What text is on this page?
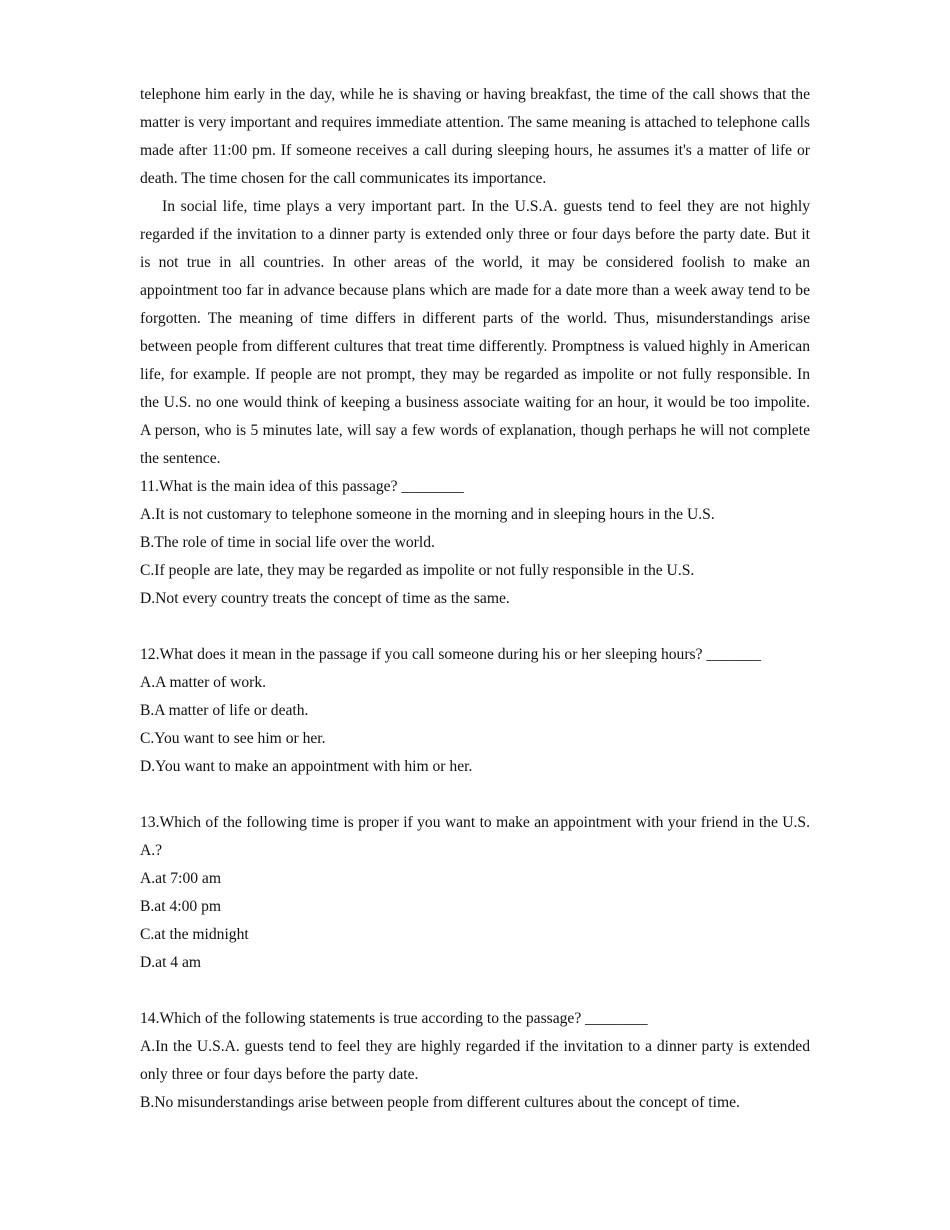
telephone him early in the day, while he is shaving or having breakfast, the time of the call shows that the matter is very important and requires immediate attention. The same meaning is attached to telephone calls made after 11:00 pm. If someone receives a call during sleeping hours, he assumes it's a matter of life or death. The time chosen for the call communicates its importance.

In social life, time plays a very important part. In the U.S.A. guests tend to feel they are not highly regarded if the invitation to a dinner party is extended only three or four days before the party date. But it is not true in all countries. In other areas of the world, it may be considered foolish to make an appointment too far in advance because plans which are made for a date more than a week away tend to be forgotten. The meaning of time differs in different parts of the world. Thus, misunderstandings arise between people from different cultures that treat time differently. Promptness is valued highly in American life, for example. If people are not prompt, they may be regarded as impolite or not fully responsible. In the U.S. no one would think of keeping a business associate waiting for an hour, it would be too impolite. A person, who is 5 minutes late, will say a few words of explanation, though perhaps he will not complete the sentence.

11.What is the main idea of this passage? ________

A.It is not customary to telephone someone in the morning and in sleeping hours in the U.S.

B.The role of time in social life over the world.

C.If people are late, they may be regarded as impolite or not fully responsible in the U.S.

D.Not every country treats the concept of time as the same.

12.What does it mean in the passage if you call someone during his or her sleeping hours? _______

A.A matter of work.

B.A matter of life or death.

C.You want to see him or her.

D.You want to make an appointment with him or her.

13.Which of the following time is proper if you want to make an appointment with your friend in the U.S. A.?

A.at 7:00 am

B.at 4:00 pm

C.at the midnight

D.at 4 am

14.Which of the following statements is true according to the passage? ________

A.In the U.S.A. guests tend to feel they are highly regarded if the invitation to a dinner party is extended only three or four days before the party date.

B.No misunderstandings arise between people from different cultures about the concept of time.
